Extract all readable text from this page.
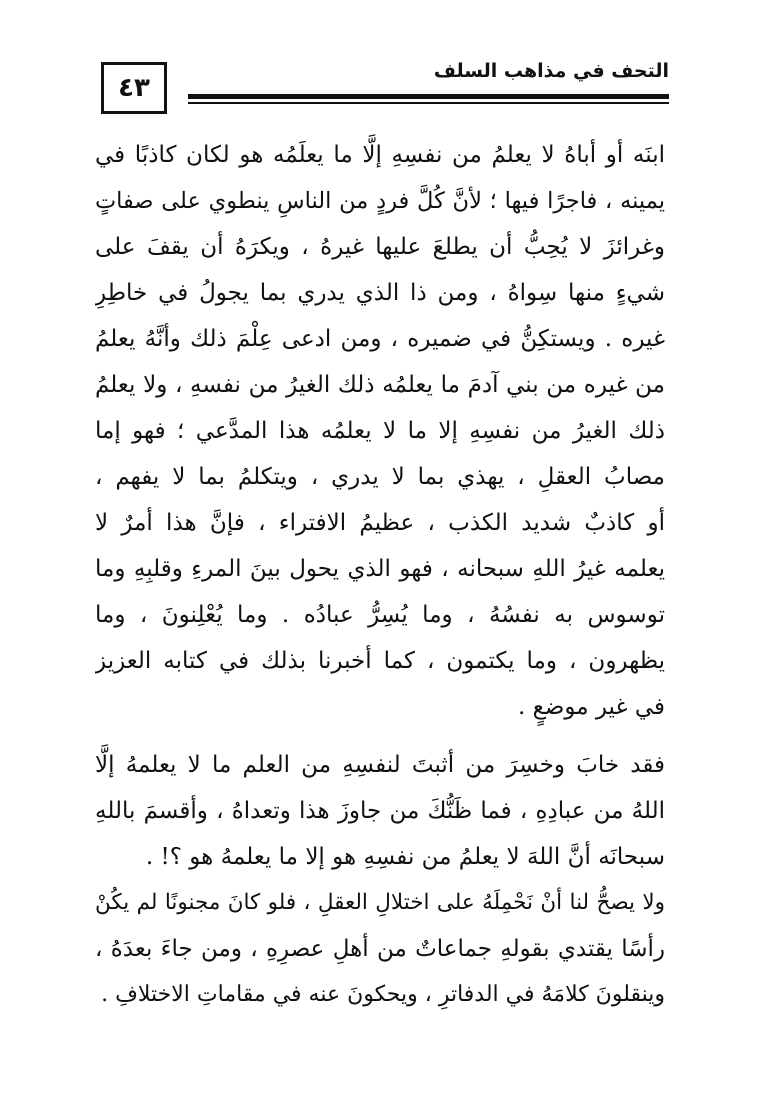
٤٣
التحف في مذاهب السلف
ابنَه أو أباهُ لا يعلمُ من نفسِهِ إلَّا ما يعلَمُه هو لكان كاذبًا في
يمينه ، فاجرًا فيها ؛ لأنَّ كُلَّ فردٍ من الناسِ ينطوي على صفاتٍ
وغرائزَ لا يُحِبُّ أن يطلعَ عليها غيرهُ ، ويكرَهُ أن يقفَ على
شيءٍ منها سِواهُ ، ومن ذا الذي يدري بما يجولُ في خاطِرِ
غيره . ويستكِنُّ في ضميره ، ومن ادعى عِلْمَ ذلك وأنَّهُ يعلمُ
من غيره من بني آدمَ ما يعلمُه ذلك الغيرُ من نفسهِ ، ولا يعلمُ
ذلك الغيرُ من نفسِهِ إلا ما لا يعلمُه هذا المدَّعي ؛ فهو إما
مصابُ العقلِ ، يهذي بما لا يدري ، ويتكلمُ بما لا يفهم ،
أو كاذبٌ شديد الكذب ، عظيمُ الافتراء ، فإنَّ هذا أمرٌ لا
يعلمه غيرُ اللهِ سبحانه ، فهو الذي يحول بينَ المرءِ وقلبِهِ وما
توسوس به نفسُهُ ، وما يُسِرُّ عبادُه . وما يُعْلِنونَ ، وما
يظهرون ، وما يكتمون ، كما أخبرنا بذلك في كتابه العزيز
في غير موضعٍ .
فقد خابَ وخسِرَ من أثبتَ لنفسِهِ من العلم ما لا يعلمهُ إلَّا
اللهُ من عبادِهِ ، فما ظَنُّكَ من جاوزَ هذا وتعداهُ ، وأقسمَ باللهِ
سبحانَه أنَّ اللهَ لا يعلمُ من نفسِهِ هو إلا ما يعلمهُ هو ؟! .
ولا يصحُّ لنا أنْ نَحْمِلَهُ على اختلالِ العقلِ ، فلو كانَ مجنونًا لم يكُنْ
رأسًا يقتدي بقولهِ جماعاتٌ من أهلِ عصرِهِ ، ومن جاءَ بعدَهُ ،
وينقلونَ كلامَهُ في الدفاترِ ، ويحكونَ عنه في مقاماتِ الاختلافِ .
